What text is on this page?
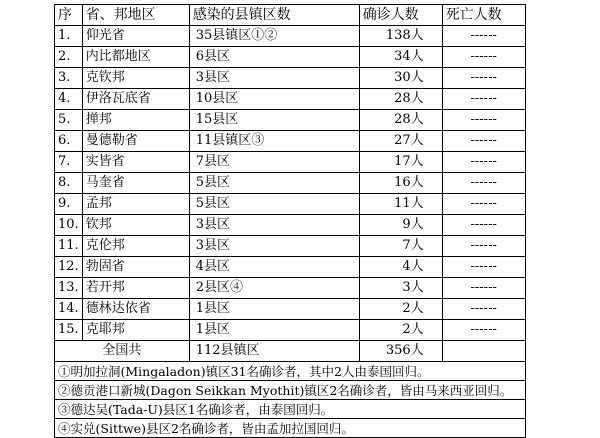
序	省、邦地区	感染的县镇区数	确诊人数	死亡人数
1.	仰光省	35县镇区①②	138人	------
2.	内比都地区	6县区	34人	------
3.	克钦邦	3县区	30人	------
4.	伊洛瓦底省	10县区	28人	------
5.	掸邦	15县区	28人	------
6.	曼德勒省	11县镇区③	27人	------
7.	实皆省	7县区	17人	------
8.	马奎省	5县区	16人	------
9.	孟邦	5县区	11人	------
10.	钦邦	3县区	9人	------
11.	克伦邦	3县区	7人	------
12.	勃固省	4县区	4人	------
13.	若开邦	2县区④	3人	------
14.	德林达依省	1县区	2人	------
15.	克耶邦	1县区	2人	------
全国共		112县镇区	356人	
①明加拉洞(Mingaladon)镇区31名确诊者，其中2人由泰国回归。				
②德贡港口新城(Dagon Seikkan Myothit)镇区2名确诊者，皆由马来西亚回归。				
③德达吴(Tada-U)县区1名确诊者，由泰国回归。				
④实兑(Sittwe)县区2名确诊者，皆由孟加拉国回归。				
